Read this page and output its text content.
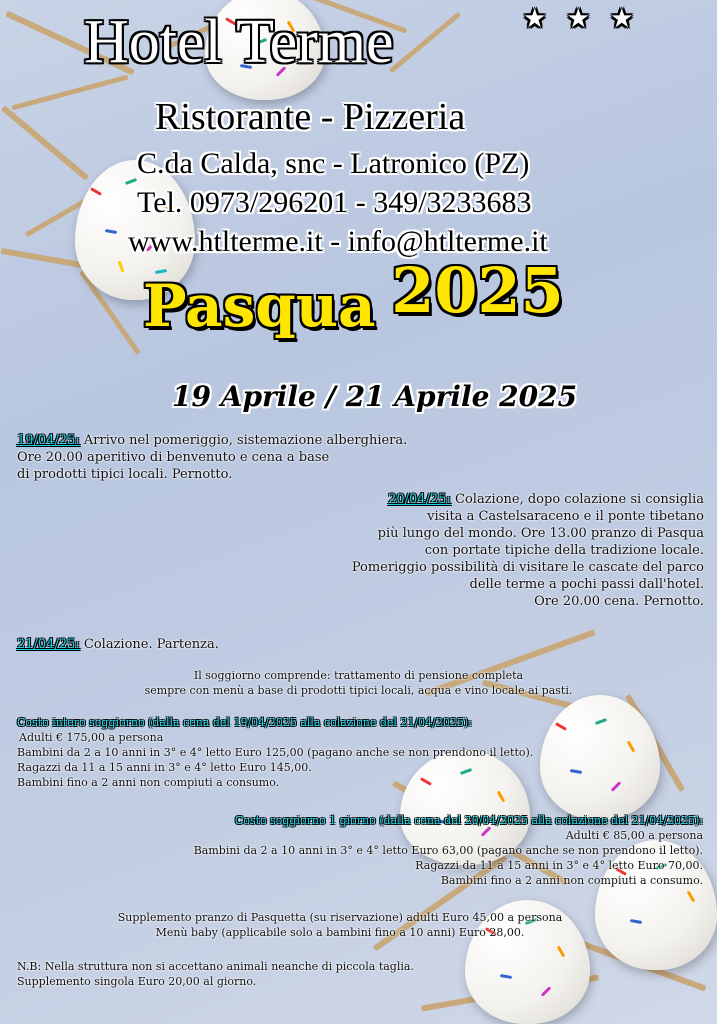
★ ★ ★
Hotel Terme
Ristorante - Pizzeria
C.da Calda, snc - Latronico (PZ)
Tel. 0973/296201 - 349/3233683
www.htlterme.it - info@htlterme.it
Pasqua 2025
19 Aprile / 21 Aprile 2025
19/04/25: Arrivo nel pomeriggio, sistemazione alberghiera.
Ore 20.00 aperitivo di benvenuto e cena a base
di prodotti tipici locali. Pernotto.
20/04/25: Colazione, dopo colazione si consiglia
visita a Castelsaraceno e il ponte tibetano
più lungo del mondo. Ore 13.00 pranzo di Pasqua
con portate tipiche della tradizione locale.
Pomeriggio possibilità di visitare le cascate del parco
delle terme a pochi passi dall'hotel.
Ore 20.00 cena. Pernotto.
21/04/25: Colazione. Partenza.
Il soggiorno comprende: trattamento di pensione completa
sempre con menù a base di prodotti tipici locali, acqua e vino locale ai pasti.
Costo intero soggiorno (dalla cena del 19/04/2025 alla colazione del 21/04/2025):
Adulti € 175,00 a persona
Bambini da 2 a 10 anni in 3° e 4° letto Euro 125,00 (pagano anche se non prendono il letto).
Ragazzi da 11 a 15 anni in 3° e 4° letto Euro 145,00.
Bambini fino a 2 anni non compiuti a consumo.
Costo soggiorno 1 giorno (dalla cena del 20/04/2025 alla colazione del 21/04/2025):
Adulti € 85,00 a persona
Bambini da 2 a 10 anni in 3° e 4° letto Euro 63,00 (pagano anche se non prendono il letto).
Ragazzi da 11 a 15 anni in 3° e 4° letto Euro 70,00.
Bambini fino a 2 anni non compiuti a consumo.
Supplemento pranzo di Pasquetta (su riservazione) adulti Euro 45,00 a persona
Menù baby (applicabile solo a bambini fino a 10 anni) Euro 28,00.
N.B: Nella struttura non si accettano animali neanche di piccola taglia.
Supplemento singola Euro 20,00 al giorno.
